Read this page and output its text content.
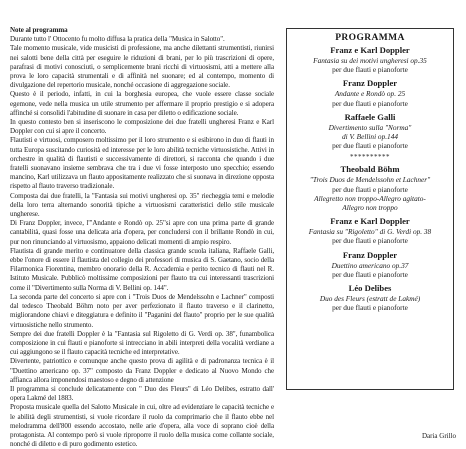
Note al programma

Durante tutto l' Ottocento fu molto diffusa la pratica della "Musica in Salotto".

Tale momento musicale, vide musicisti di professione, ma anche dilettanti strumentisti, riunirsi nei salotti bene della città per eseguire le riduzioni di brani, per lo più trascrizioni di opere, parafrasi di motivi conosciuti, o semplicemente brani ricchi di virtuosismi, atti a mettere alla prova le loro capacità strumentali e di affinità nel suonare; ed al contempo, momento di divulgazione del repertorio musicale, nonché occasione di aggregazione sociale.

Questo è il periodo, infatti, in cui la borghesia europea, che vuole essere classe sociale egemone, vede nella musica un utile strumento per affermare il proprio prestigio e si adopera affinché si consolidi l'abitudine di suonare in casa per diletto o edificazione sociale.

In questo contesto ben si inseriscono le composizione dei due fratelli ungheresi Franz e Karl Doppler con cui si apre il concerto.

Flautisti e virtuosi, composero moltissimo per il loro strumento e si esibirono in duo di flauti in tutta Europa suscitando curiosità ed interesse per le loro abilità tecniche virtuosistiche. Attivi in orchestre in qualità di flautisti e successivamente di direttori, si racconta che quando i due fratelli suonavano insieme sembrava che tra i due vi fosse interposto uno specchio; essendo mancino, Karl utilizzava un flauto appositamente realizzato che si suonava in direzione opposta rispetto al flauto traverso tradizionale.

Composta dai due fratelli, la "Fantasia sui motivi ungheresi op. 35" riecheggia temi e melodie della loro terra alternando sonorità tipiche a virtuosismi caratteristici dello stile musicale ungherese.

Di Franz Doppler, invece, l'"Andante e Rondò op. 25"si apre con una prima parte di grande cantabilità, quasi fosse una delicata aria d'opera, per concludersi con il brillante Rondò in cui, pur non rinunciando al virtuosismo, appaiono delicati momenti di ampio respiro.

Flautista di grande merito e continuatore della classica grande scuola italiana, Raffaele Galli, ebbe l'onore di essere il flautista del collegio dei professori di musica di S. Gaetano, socio della Filarmonica Fiorentina, membro onorario della R. Accademia e perito tecnico di flauti nel R. Istituto Musicale. Pubblicò moltissime composizioni per flauto tra cui interessanti trascrizioni come il "Divertimento sulla Norma di V. Bellini op. 144".

La seconda parte del concerto si apre con i "Trois Duos de Mendelssohn e Lachner" composti dal tedesco Theobald Böhm noto per aver perfezionato il flauto traverso e il clarinetto, migliorandone chiavi e diteggiatura e definito il "Paganini del flauto" proprio per le sue qualità virtuosistiche nello strumento.

Sempre dei due fratelli Doppler è la "Fantasia sul Rigoletto di G. Verdi op. 38", funambolica composizione in cui flauti e pianoforte si intrecciano in abili interpreti della vocalità verdiane a cui aggiungono se il flauto capacità tecniche ed interpretative.

Divertente, patriottico e comunque anche questo prova di agilità e di padronanza tecnica è il "Duettino americano op. 37" composto da Franz Doppler e dedicato al Nuovo Mondo che affianca allora imponendosi maestoso e degno di attenzione

Il programma si conclude delicatamente con " Duo des Fleurs" di Léo Delibes, estratto dall' opera Lakmé del 1883.

Proposta musicale quella del Salotto Musicale in cui, oltre ad evidenziare le capacità tecniche e le abilità degli strumentisti, si vuole ricordare il ruolo da comprimario che il flauto ebbe nel melodramma dell'800 essendo accostato, nelle arie d'opera, alla voce di soprano cioè della protagonista. Al contempo però si vuole riproporre il ruolo della musica come collante sociale, nonché di diletto e di puro godimento estetico.

Daria Grillo
PROGRAMMA
Franz e Karl Doppler
Fantasia su dei motivi ungheresi op.35
per due flauti e pianoforte
Franz Doppler
Andante e Rondò op. 25
per due flauti e pianoforte
Raffaele Galli
Divertimento sulla "Norma"
di V. Bellini op.144
per due flauti e pianoforte
**********
Theobald Böhm
"Trois Duos de Mendelssohn et Lachner"
per due flauti e pianoforte
Allegretto non troppo-Allegro agitato-
Allegro non troppo
Franz e Karl Doppler
Fantasia su "Rigoletto" di G. Verdi op. 38
per due flauti e pianoforte
Franz Doppler
Duettino americano op.37
per due flauti e pianoforte
Léo Delibes
Duo des Fleurs (estratt de Lakmé)
per due flauti e pianoforte
